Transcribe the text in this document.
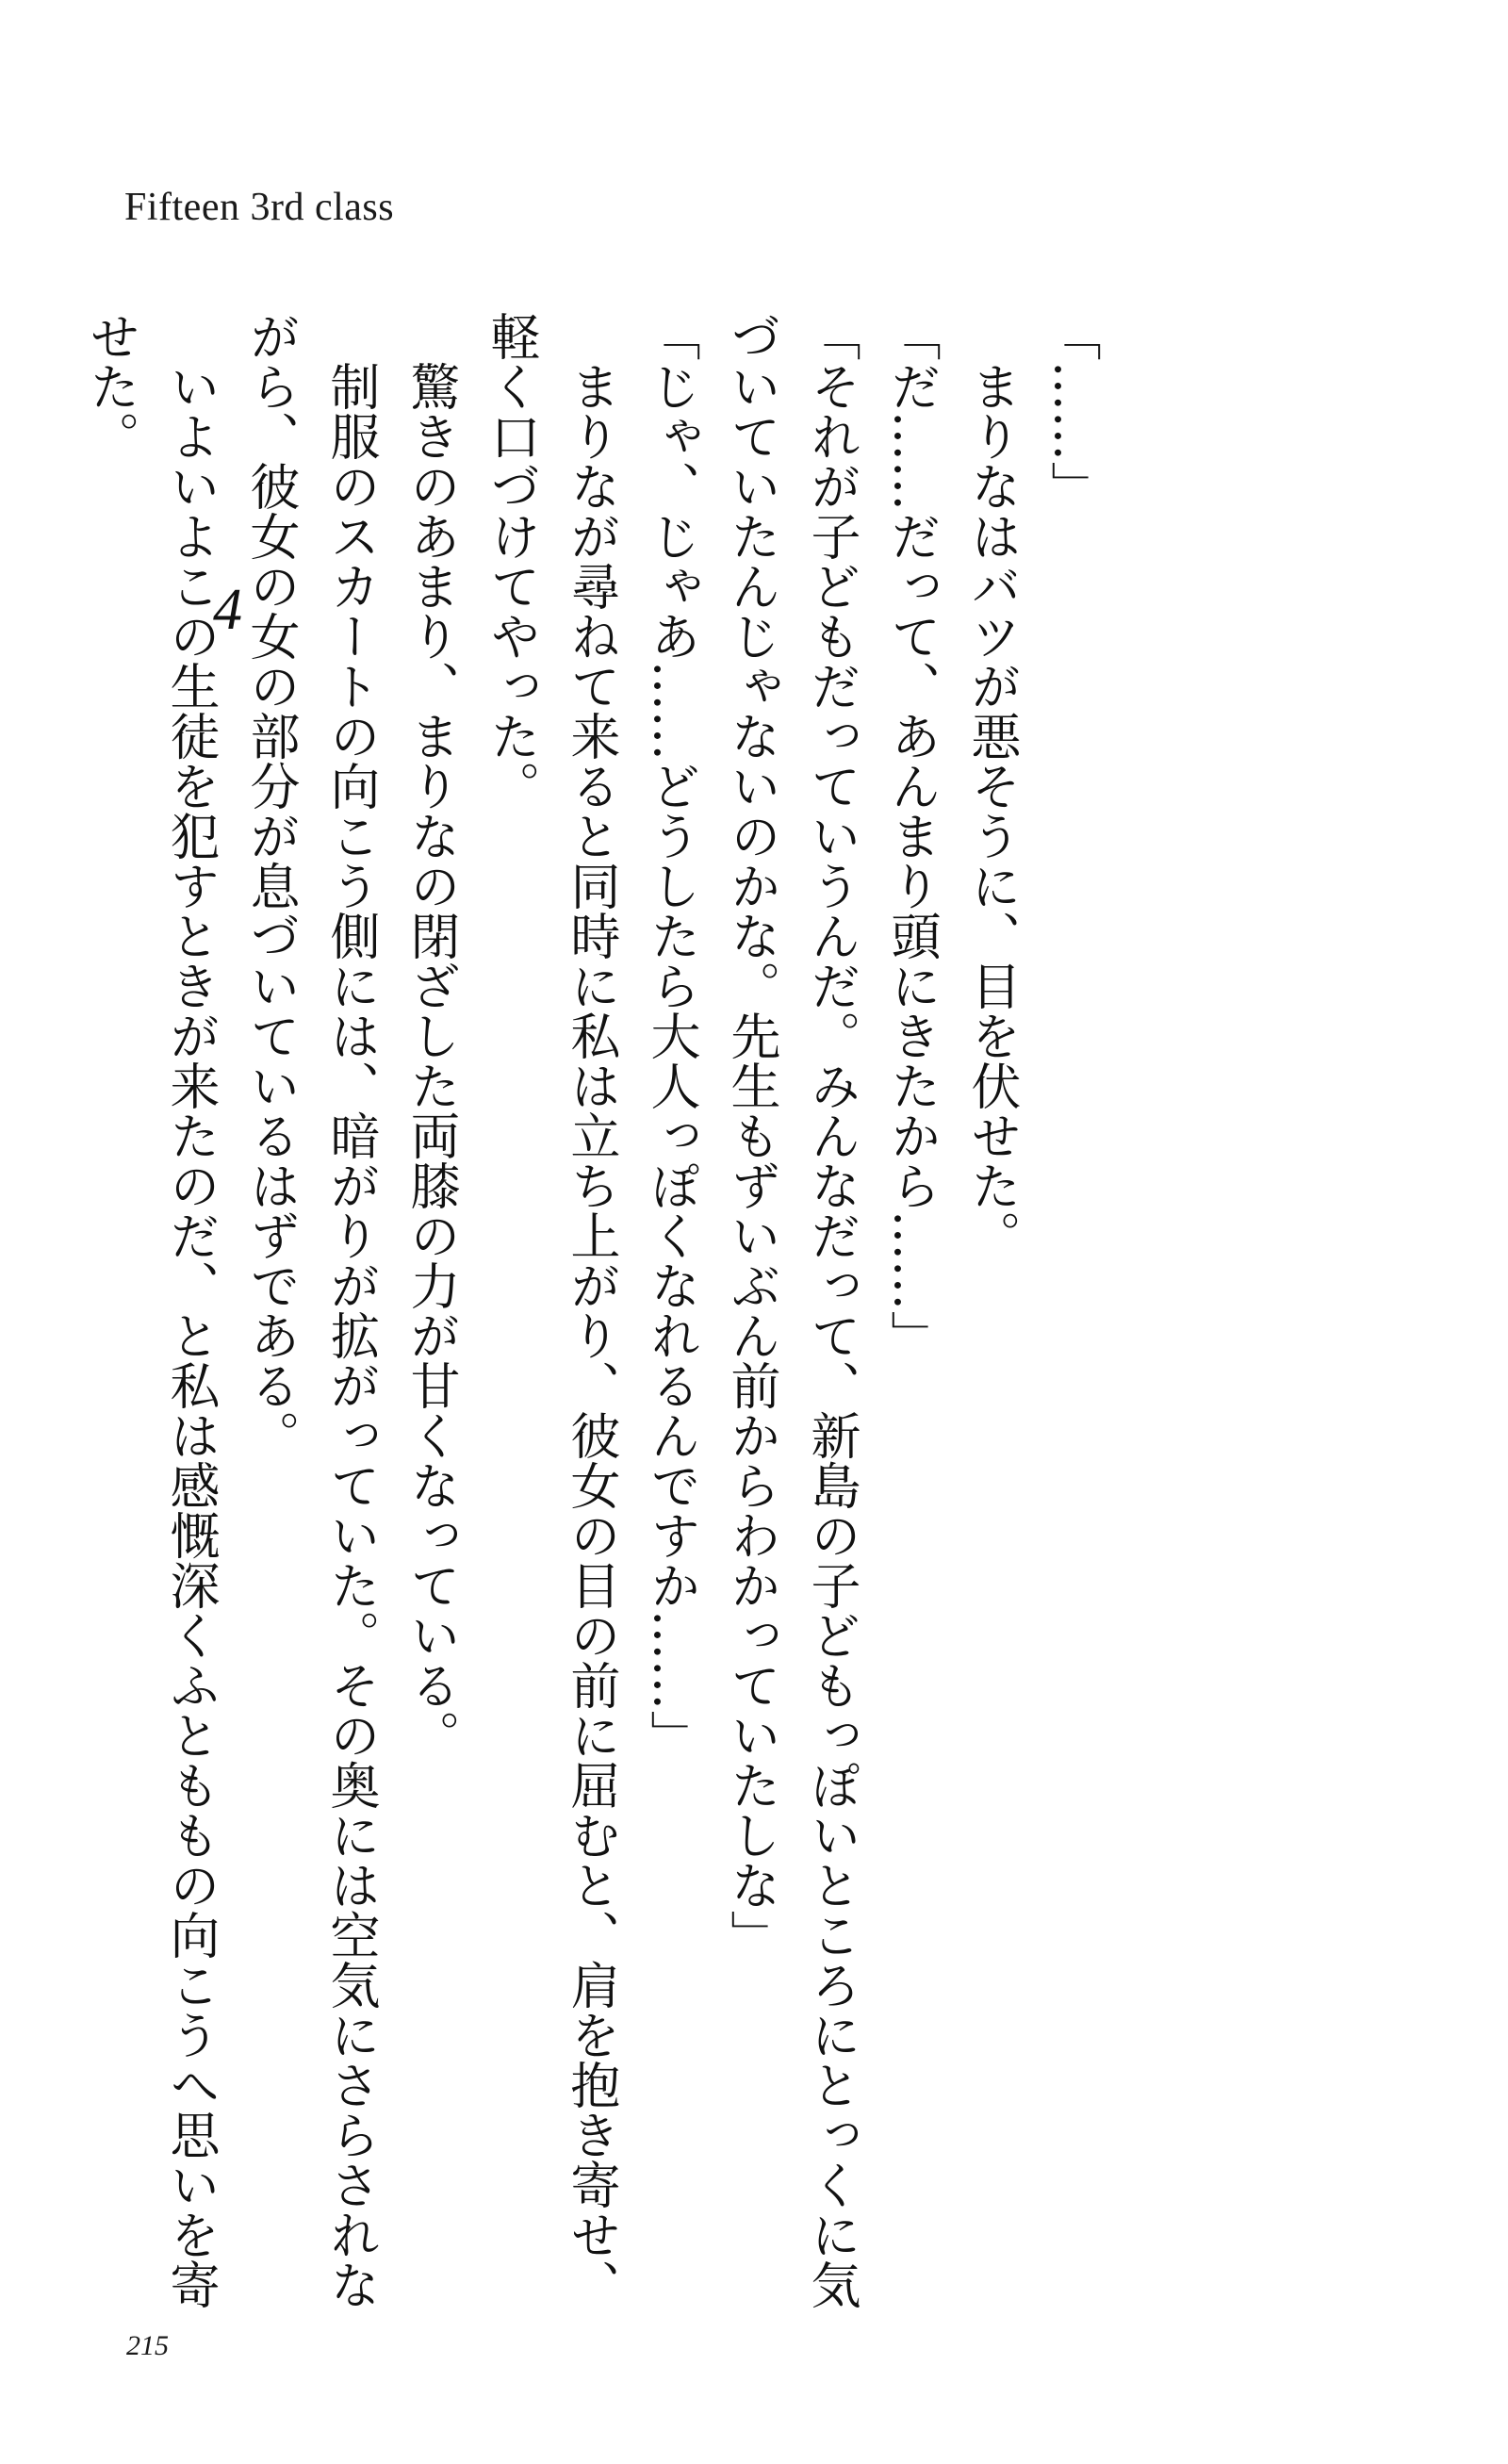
Fifteen 3rd class
「……」
　まりなはバツが悪そうに、目を伏せた。
「だ……だって、あんまり頭にきたから……」
「それが子どもだっていうんだ。みんなだって、新島の子どもっぽいところにとっくに気
づいていたんじゃないのかな。先生もずいぶん前からわかっていたしな」
「じゃ、じゃあ……どうしたら大人っぽくなれるんですか……」
　まりなが尋ねて来ると同時に私は立ち上がり、彼女の目の前に屈むと、肩を抱き寄せ、
軽く口づけてやった。
　驚きのあまり、まりなの閉ざした両膝の力が甘くなっている。
　制服のスカートの向こう側には、暗がりが拡がっていた。その奥には空気にさらされな
がら、彼女の女の部分が息づいているはずである。
　いよいよこの生徒を犯すときが来たのだ、と私は感慨深くふとももの向こうへ思いを寄
せた。
4
215
